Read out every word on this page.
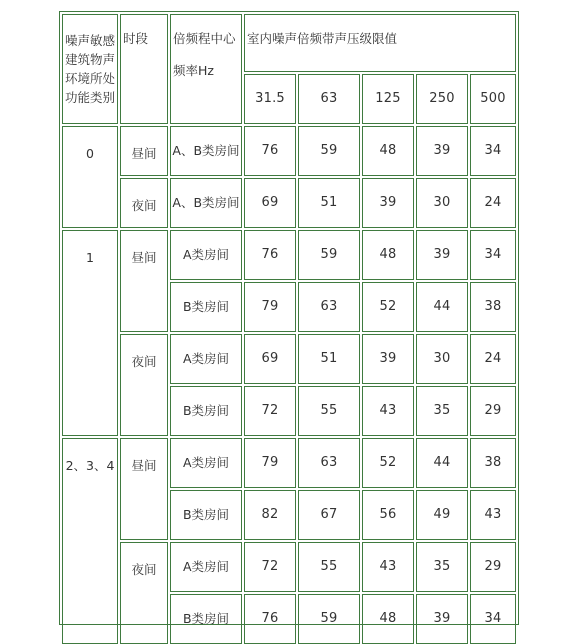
噪声敏感建筑物声环境所处功能类别
时段	倍频程中心
频率Hz
室内噪声倍频带声压级限值
31.5	63	125	250	500
0	昼间	A、B类房间	76	59	48	39	34
夜间	A、B类房间	69	51	39	30	24
1	昼间	A类房间	76	59	48	39	34
B类房间	79	63	52	44	38
夜间	A类房间	69	51	39	30	24
B类房间	72	55	43	35	29
2、3、4	昼间	A类房间	79	63	52	44	38
B类房间	82	67	56	49	43
夜间	A类房间	72	55	43	35	29
B类房间	76	59	48	39	34
